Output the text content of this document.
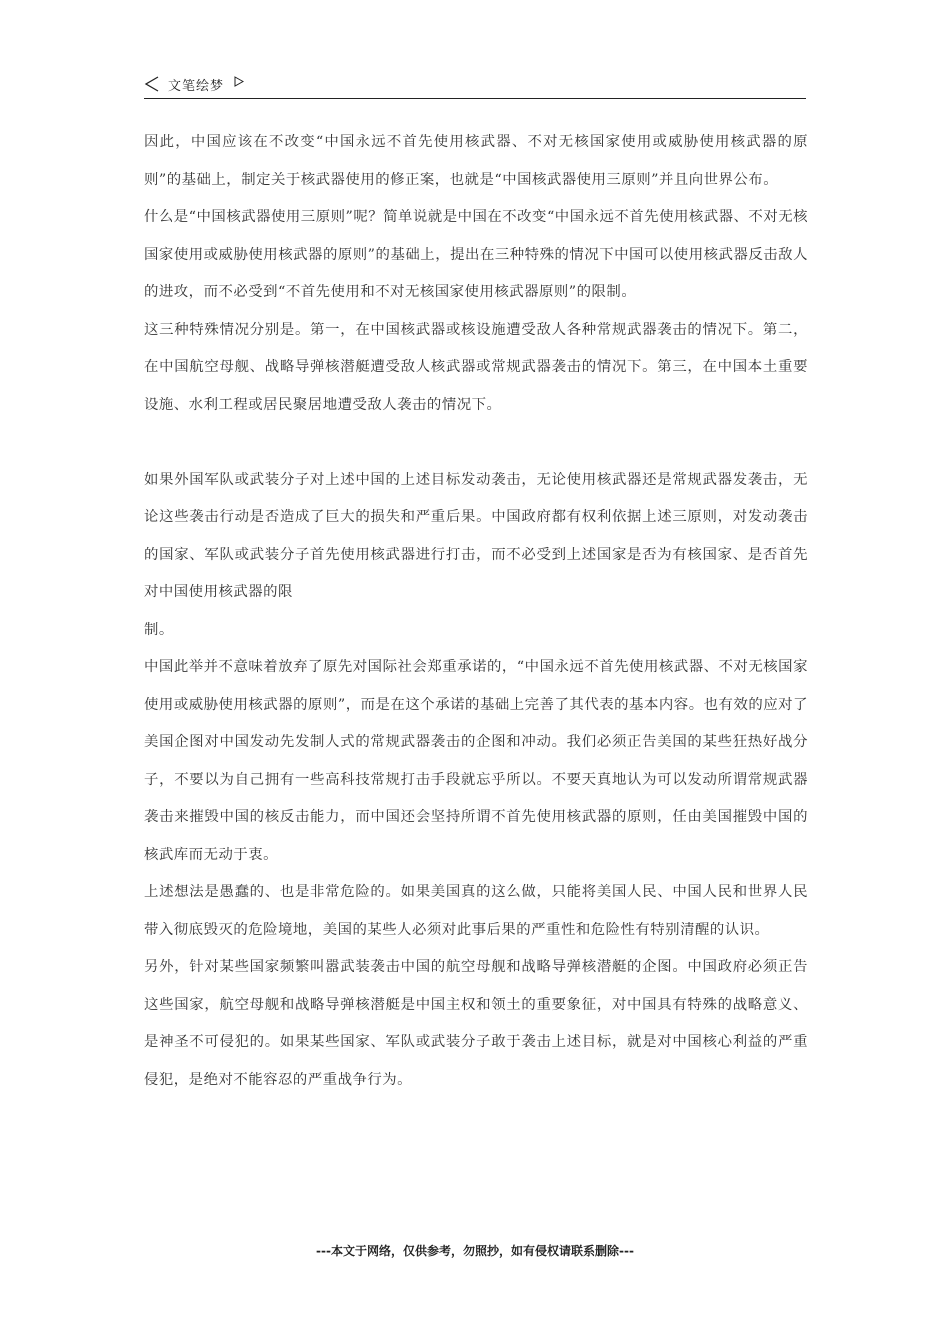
文笔绘梦

因此，中国应该在不改变“中国永远不首先使用核武器、不对无核国家使用或威胁使用核武器的原则”的基础上，制定关于核武器使用的修正案，也就是“中国核武器使用三原则”并且向世界公布。

什么是“中国核武器使用三原则”呢？简单说就是中国在不改变“中国永远不首先使用核武器、不对无核国家使用或威胁使用核武器的原则”的基础上，提出在三种特殊的情况下中国可以使用核武器反击敌人的进攻，而不必受到“不首先使用和不对无核国家使用核武器原则”的限制。

这三种特殊情况分别是。第一，在中国核武器或核设施遭受敌人各种常规武器袭击的情况下。第二，在中国航空母舰、战略导弹核潜艇遭受敌人核武器或常规武器袭击的情况下。第三，在中国本土重要设施、水利工程或居民聚居地遭受敌人袭击的情况下。

如果外国军队或武装分子对上述中国的上述目标发动袭击，无论使用核武器还是常规武器发袭击，无论这些袭击行动是否造成了巨大的损失和严重后果。中国政府都有权利依据上述三原则，对发动袭击的国家、军队或武装分子首先使用核武器进行打击，而不必受到上述国家是否为有核国家、是否首先对中国使用核武器的限

制。

中国此举并不意味着放弃了原先对国际社会郑重承诺的，“中国永远不首先使用核武器、不对无核国家使用或威胁使用核武器的原则”，而是在这个承诺的基础上完善了其代表的基本内容。也有效的应对了美国企图对中国发动先发制人式的常规武器袭击的企图和冲动。我们必须正告美国的某些狂热好战分子，不要以为自己拥有一些高科技常规打击手段就忘乎所以。不要天真地认为可以发动所谓常规武器袭击来摧毁中国的核反击能力，而中国还会坚持所谓不首先使用核武器的原则，任由美国摧毁中国的核武库而无动于衷。

上述想法是愚蠢的、也是非常危险的。如果美国真的这么做，只能将美国人民、中国人民和世界人民带入彻底毁灭的危险境地，美国的某些人必须对此事后果的严重性和危险性有特别清醒的认识。

另外，针对某些国家频繁叫嚣武装袭击中国的航空母舰和战略导弹核潜艇的企图。中国政府必须正告这些国家，航空母舰和战略导弹核潜艇是中国主权和领土的重要象征，对中国具有特殊的战略意义、是神圣不可侵犯的。如果某些国家、军队或武装分子敢于袭击上述目标，就是对中国核心利益的严重侵犯，是绝对不能容忍的严重战争行为。

---本文于网络，仅供参考，勿照抄，如有侵权请联系删除---
